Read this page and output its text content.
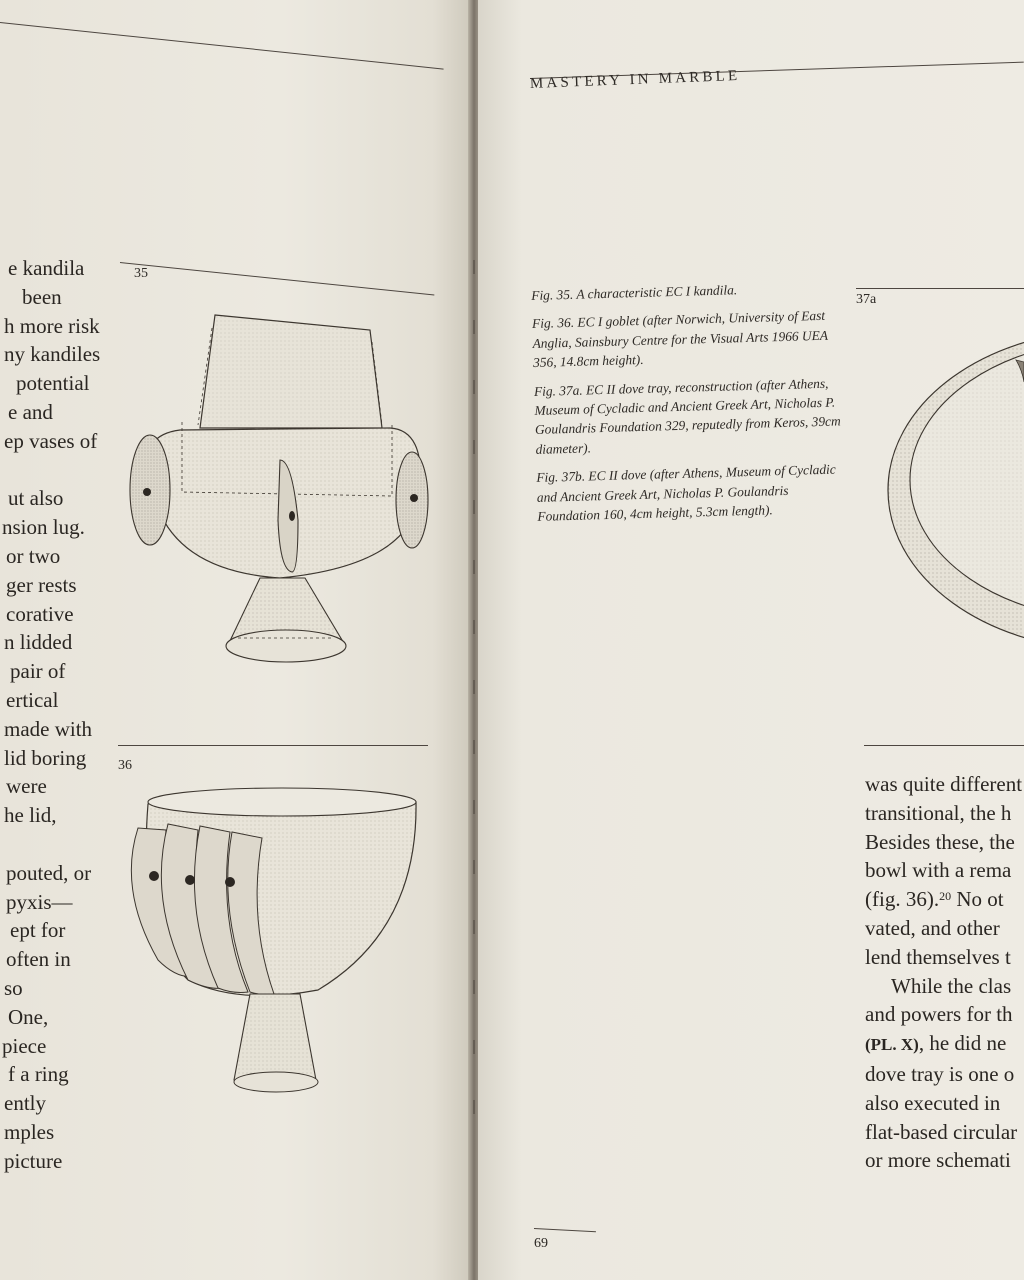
35
36
e kandila
been
h more risk
ny kandiles
potential
e and
ep vases of
ut also
nsion lug.
or two
ger rests
corative
n lidded
pair of
ertical
made with
lid boring
were
he lid,
pouted, or
pyxis—
ept for
often in
so
One,
piece
f a ring
ently
mples
picture
MASTERY IN MARBLE

Fig. 35. A characteristic EC I kandila.

Fig. 36. EC I goblet (after Norwich, University of East Anglia, Sainsbury Centre for the Visual Arts 1966 UEA 356, 14.8cm height).

Fig. 37a. EC II dove tray, reconstruction (after Athens, Museum of Cycladic and Ancient Greek Art, Nicholas P. Goulandris Foundation 329, reputedly from Keros, 39cm diameter).

Fig. 37b. EC II dove (after Athens, Museum of Cycladic and Ancient Greek Art, Nicholas P. Goulandris Foundation 160, 4cm height, 5.3cm length).

37a
was quite different
transitional, the h
Besides these, the
bowl with a rema
(fig. 36).$^{20}$ No ot
vated, and other
lend themselves t
While the clas
and powers for th
(PL. X), he did ne
dove tray is one o
also executed in
flat-based circular
or more schemati
69
